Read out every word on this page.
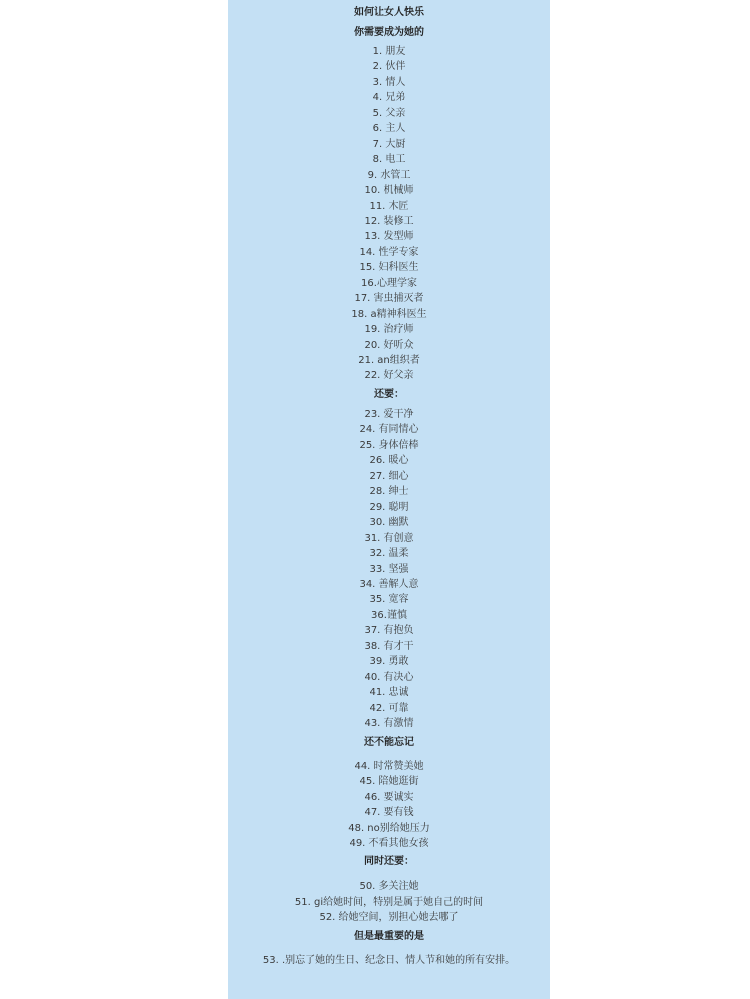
如何让女人快乐
你需要成为她的
1. 朋友
2. 伙伴
3. 情人
4. 兄弟
5. 父亲
6. 主人
7. 大厨
8. 电工
9. 水管工
10. 机械师
11. 木匠
12. 装修工
13. 发型师
14. 性学专家
15. 妇科医生
16.心理学家
17. 害虫捕灭者
18. a精神科医生
19. 治疗师
20. 好听众
21. an组织者
22. 好父亲
还要：
23. 爱干净
24. 有同情心
25. 身体倍棒
26. 暖心
27. 细心
28. 绅士
29. 聪明
30. 幽默
31. 有创意
32. 温柔
33. 坚强
34. 善解人意
35. 宽容
36.谨慎
37. 有抱负
38. 有才干
39. 勇敢
40. 有决心
41. 忠诚
42. 可靠
43. 有激情
还不能忘记
44. 时常赞美她
45. 陪她逛街
46. 要诚实
47. 要有钱
48. no别给她压力
49. 不看其他女孩
同时还要：
50. 多关注她
51. gi给她时间，特别是属于她自己的时间
52. 给她空间，别担心她去哪了
但是最重要的是
53. .别忘了她的生日、纪念日、情人节和她的所有安排。
